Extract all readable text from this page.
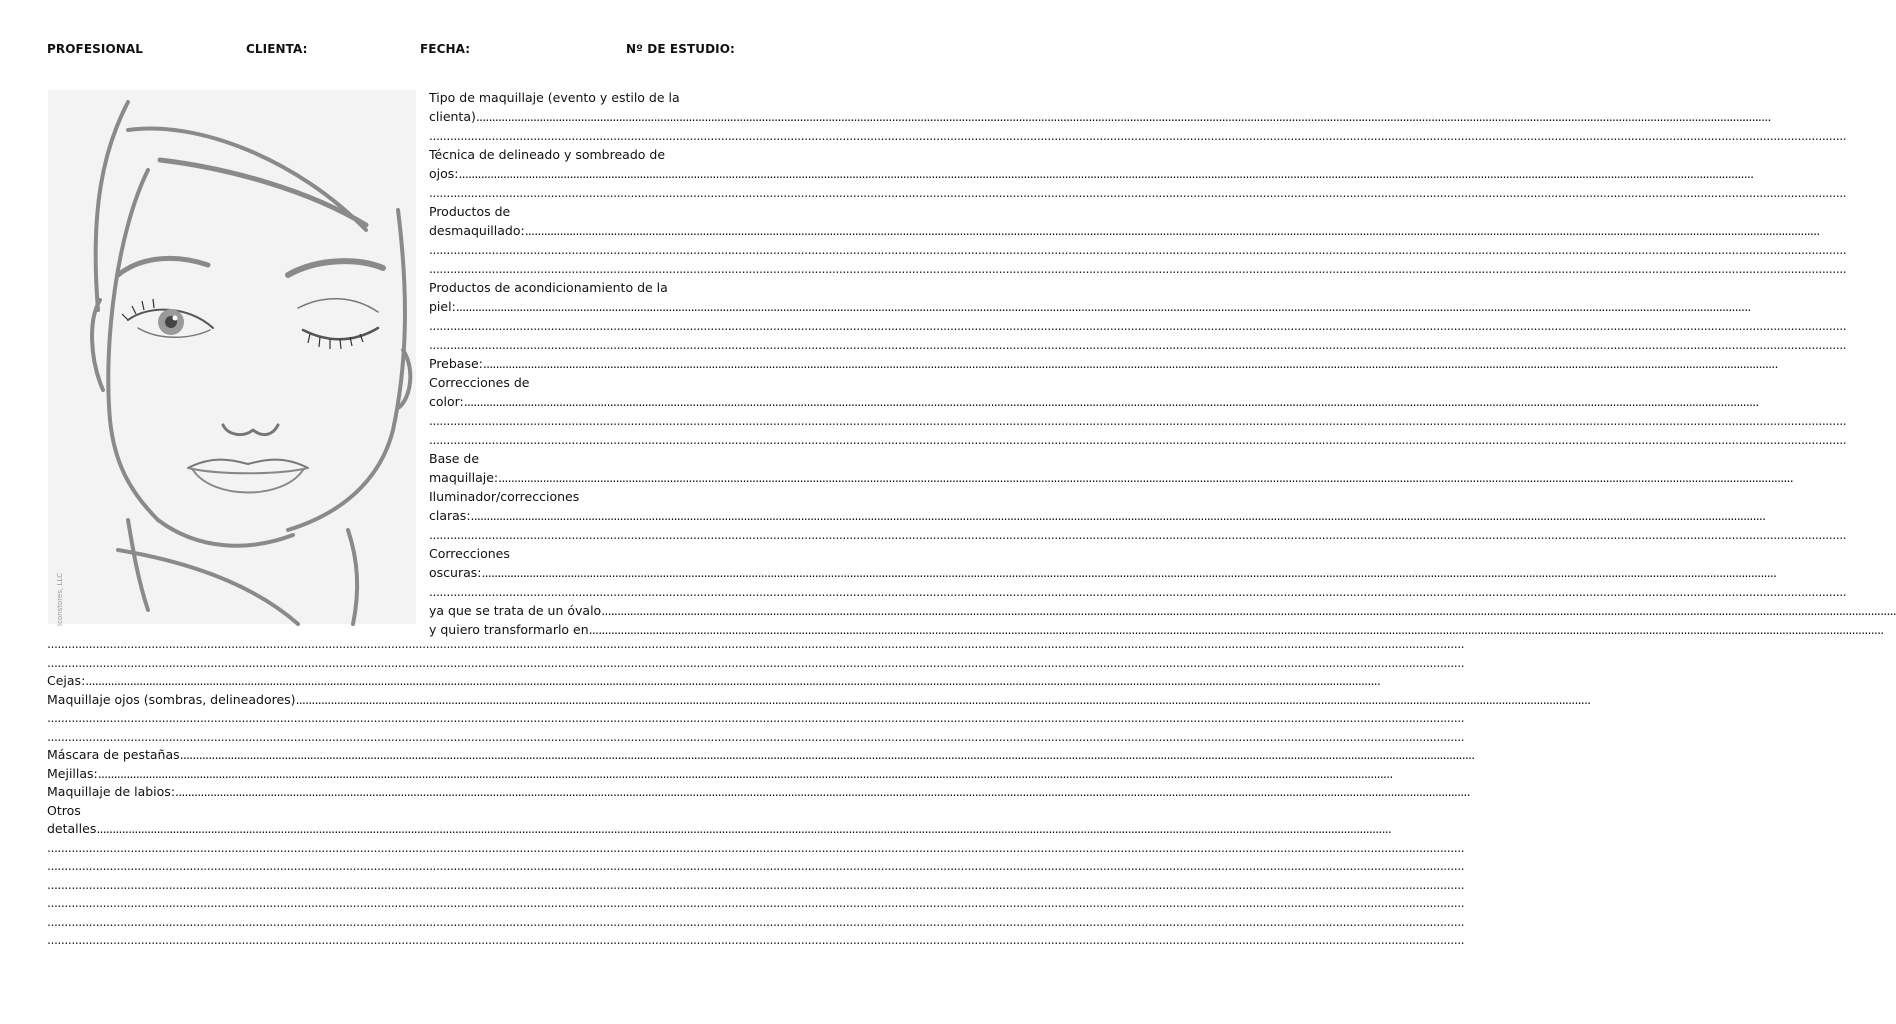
PROFESIONAL	CLIENTA:	FECHA:	Nº DE ESTUDIO:
Iconstores, LLC
Tipo de maquillaje (evento y estilo de la
clienta) ........................................................................................................................................................................................................................................................................................................................................................................................................................
........................................................................................................................................................................................................................................................................................................................................................................................................................
Técnica de delineado y sombreado de
ojos: ........................................................................................................................................................................................................................................................................................................................................................................................................................
........................................................................................................................................................................................................................................................................................................................................................................................................................
Productos de
desmaquillado: ........................................................................................................................................................................................................................................................................................................................................................................................................................
........................................................................................................................................................................................................................................................................................................................................................................................................................
........................................................................................................................................................................................................................................................................................................................................................................................................................
Productos de acondicionamiento de la
piel: ........................................................................................................................................................................................................................................................................................................................................................................................................................
........................................................................................................................................................................................................................................................................................................................................................................................................................
........................................................................................................................................................................................................................................................................................................................................................................................................................
Prebase: ........................................................................................................................................................................................................................................................................................................................................................................................................................
Correcciones de
color: ........................................................................................................................................................................................................................................................................................................................................................................................................................
........................................................................................................................................................................................................................................................................................................................................................................................................................
........................................................................................................................................................................................................................................................................................................................................................................................................................
Base de
maquillaje: ........................................................................................................................................................................................................................................................................................................................................................................................................................
Iluminador/correcciones
claras: ........................................................................................................................................................................................................................................................................................................................................................................................................................
........................................................................................................................................................................................................................................................................................................................................................................................................................
Correcciones
oscuras: ........................................................................................................................................................................................................................................................................................................................................................................................................................
........................................................................................................................................................................................................................................................................................................................................................................................................................
ya que se trata de un óvalo ........................................................................................................................................................................................................................................................................................................................................................................................................................
y quiero transformarlo en ........................................................................................................................................................................................................................................................................................................................................................................................................................
........................................................................................................................................................................................................................................................................................................................................................................................................................
........................................................................................................................................................................................................................................................................................................................................................................................................................
Cejas: ........................................................................................................................................................................................................................................................................................................................................................................................................................
Maquillaje ojos (sombras, delineadores) ........................................................................................................................................................................................................................................................................................................................................................................................................................
........................................................................................................................................................................................................................................................................................................................................................................................................................
........................................................................................................................................................................................................................................................................................................................................................................................................................
Máscara de pestañas ........................................................................................................................................................................................................................................................................................................................................................................................................................
Mejillas: ........................................................................................................................................................................................................................................................................................................................................................................................................................
Maquillaje de labios: ........................................................................................................................................................................................................................................................................................................................................................................................................................
Otros
detalles ........................................................................................................................................................................................................................................................................................................................................................................................................................
........................................................................................................................................................................................................................................................................................................................................................................................................................
........................................................................................................................................................................................................................................................................................................................................................................................................................
........................................................................................................................................................................................................................................................................................................................................................................................................................
........................................................................................................................................................................................................................................................................................................................................................................................................................
........................................................................................................................................................................................................................................................................................................................................................................................................................
........................................................................................................................................................................................................................................................................................................................................................................................................................
